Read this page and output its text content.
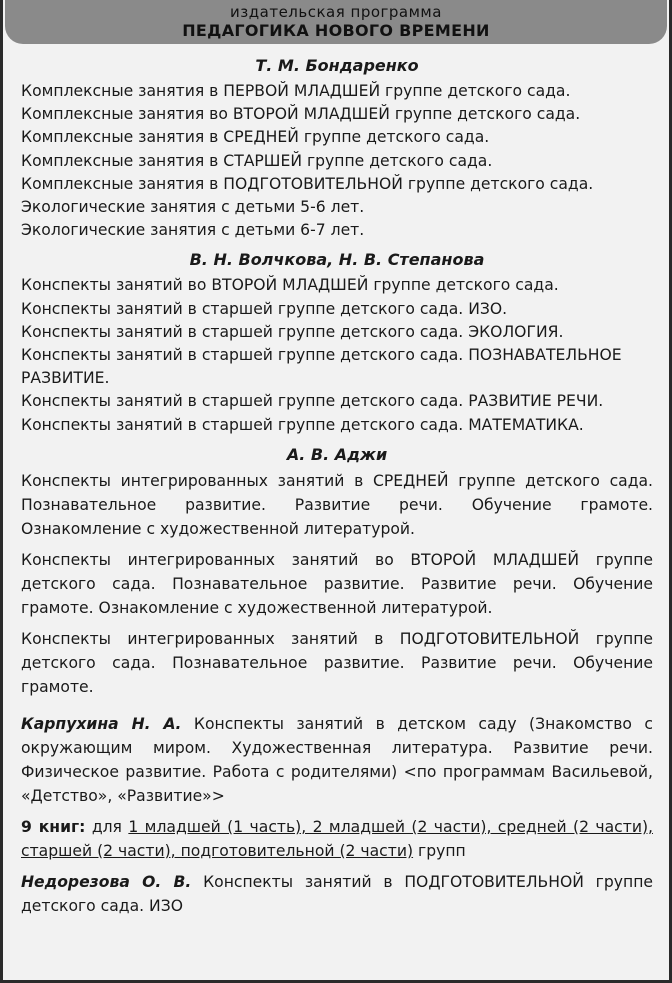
издательская программа
ПЕДАГОГИКА НОВОГО ВРЕМЕНИ
Т. М. Бондаренко

Комплексные занятия в ПЕРВОЙ МЛАДШЕЙ группе детского сада.

Комплексные занятия во ВТОРОЙ МЛАДШЕЙ группе детского сада.

Комплексные занятия в СРЕДНЕЙ группе детского сада.

Комплексные занятия в СТАРШЕЙ группе детского сада.

Комплексные занятия в ПОДГОТОВИТЕЛЬНОЙ группе детского сада.

Экологические занятия с детьми 5-6 лет.

Экологические занятия с детьми 6-7 лет.

В. Н. Волчкова, Н. В. Степанова

Конспекты занятий во ВТОРОЙ МЛАДШЕЙ группе детского сада.

Конспекты занятий в старшей группе детского сада. ИЗО.

Конспекты занятий в старшей группе детского сада. ЭКОЛОГИЯ.

Конспекты занятий в старшей группе детского сада. ПОЗНАВАТЕЛЬНОЕ РАЗВИТИЕ.

Конспекты занятий в старшей группе детского сада. РАЗВИТИЕ РЕЧИ.

Конспекты занятий в старшей группе детского сада. МАТЕМАТИКА.

А. В. Аджи

Конспекты интегрированных занятий в СРЕДНЕЙ группе детского сада. Познавательное развитие. Развитие речи. Обучение грамоте. Ознакомление с художественной литературой.

Конспекты интегрированных занятий во ВТОРОЙ МЛАДШЕЙ группе детского сада. Познавательное развитие. Развитие речи. Обучение грамоте. Ознакомление с художественной литературой.

Конспекты интегрированных занятий в ПОДГОТОВИТЕЛЬНОЙ группе детского сада. Познавательное развитие. Развитие речи. Обучение грамоте.

Карпухина Н. А. Конспекты занятий в детском саду (Знакомство с окружающим миром. Художественная литература. Развитие речи. Физическое развитие. Работа с родителями) <по программам Васильевой, «Детство», «Развитие»>

9 книг: для 1 младшей (1 часть), 2 младшей (2 части), средней (2 части), старшей (2 части), подготовительной (2 части) групп

Недорезова О. В. Конспекты занятий в ПОДГОТОВИТЕЛЬНОЙ группе детского сада. ИЗО
